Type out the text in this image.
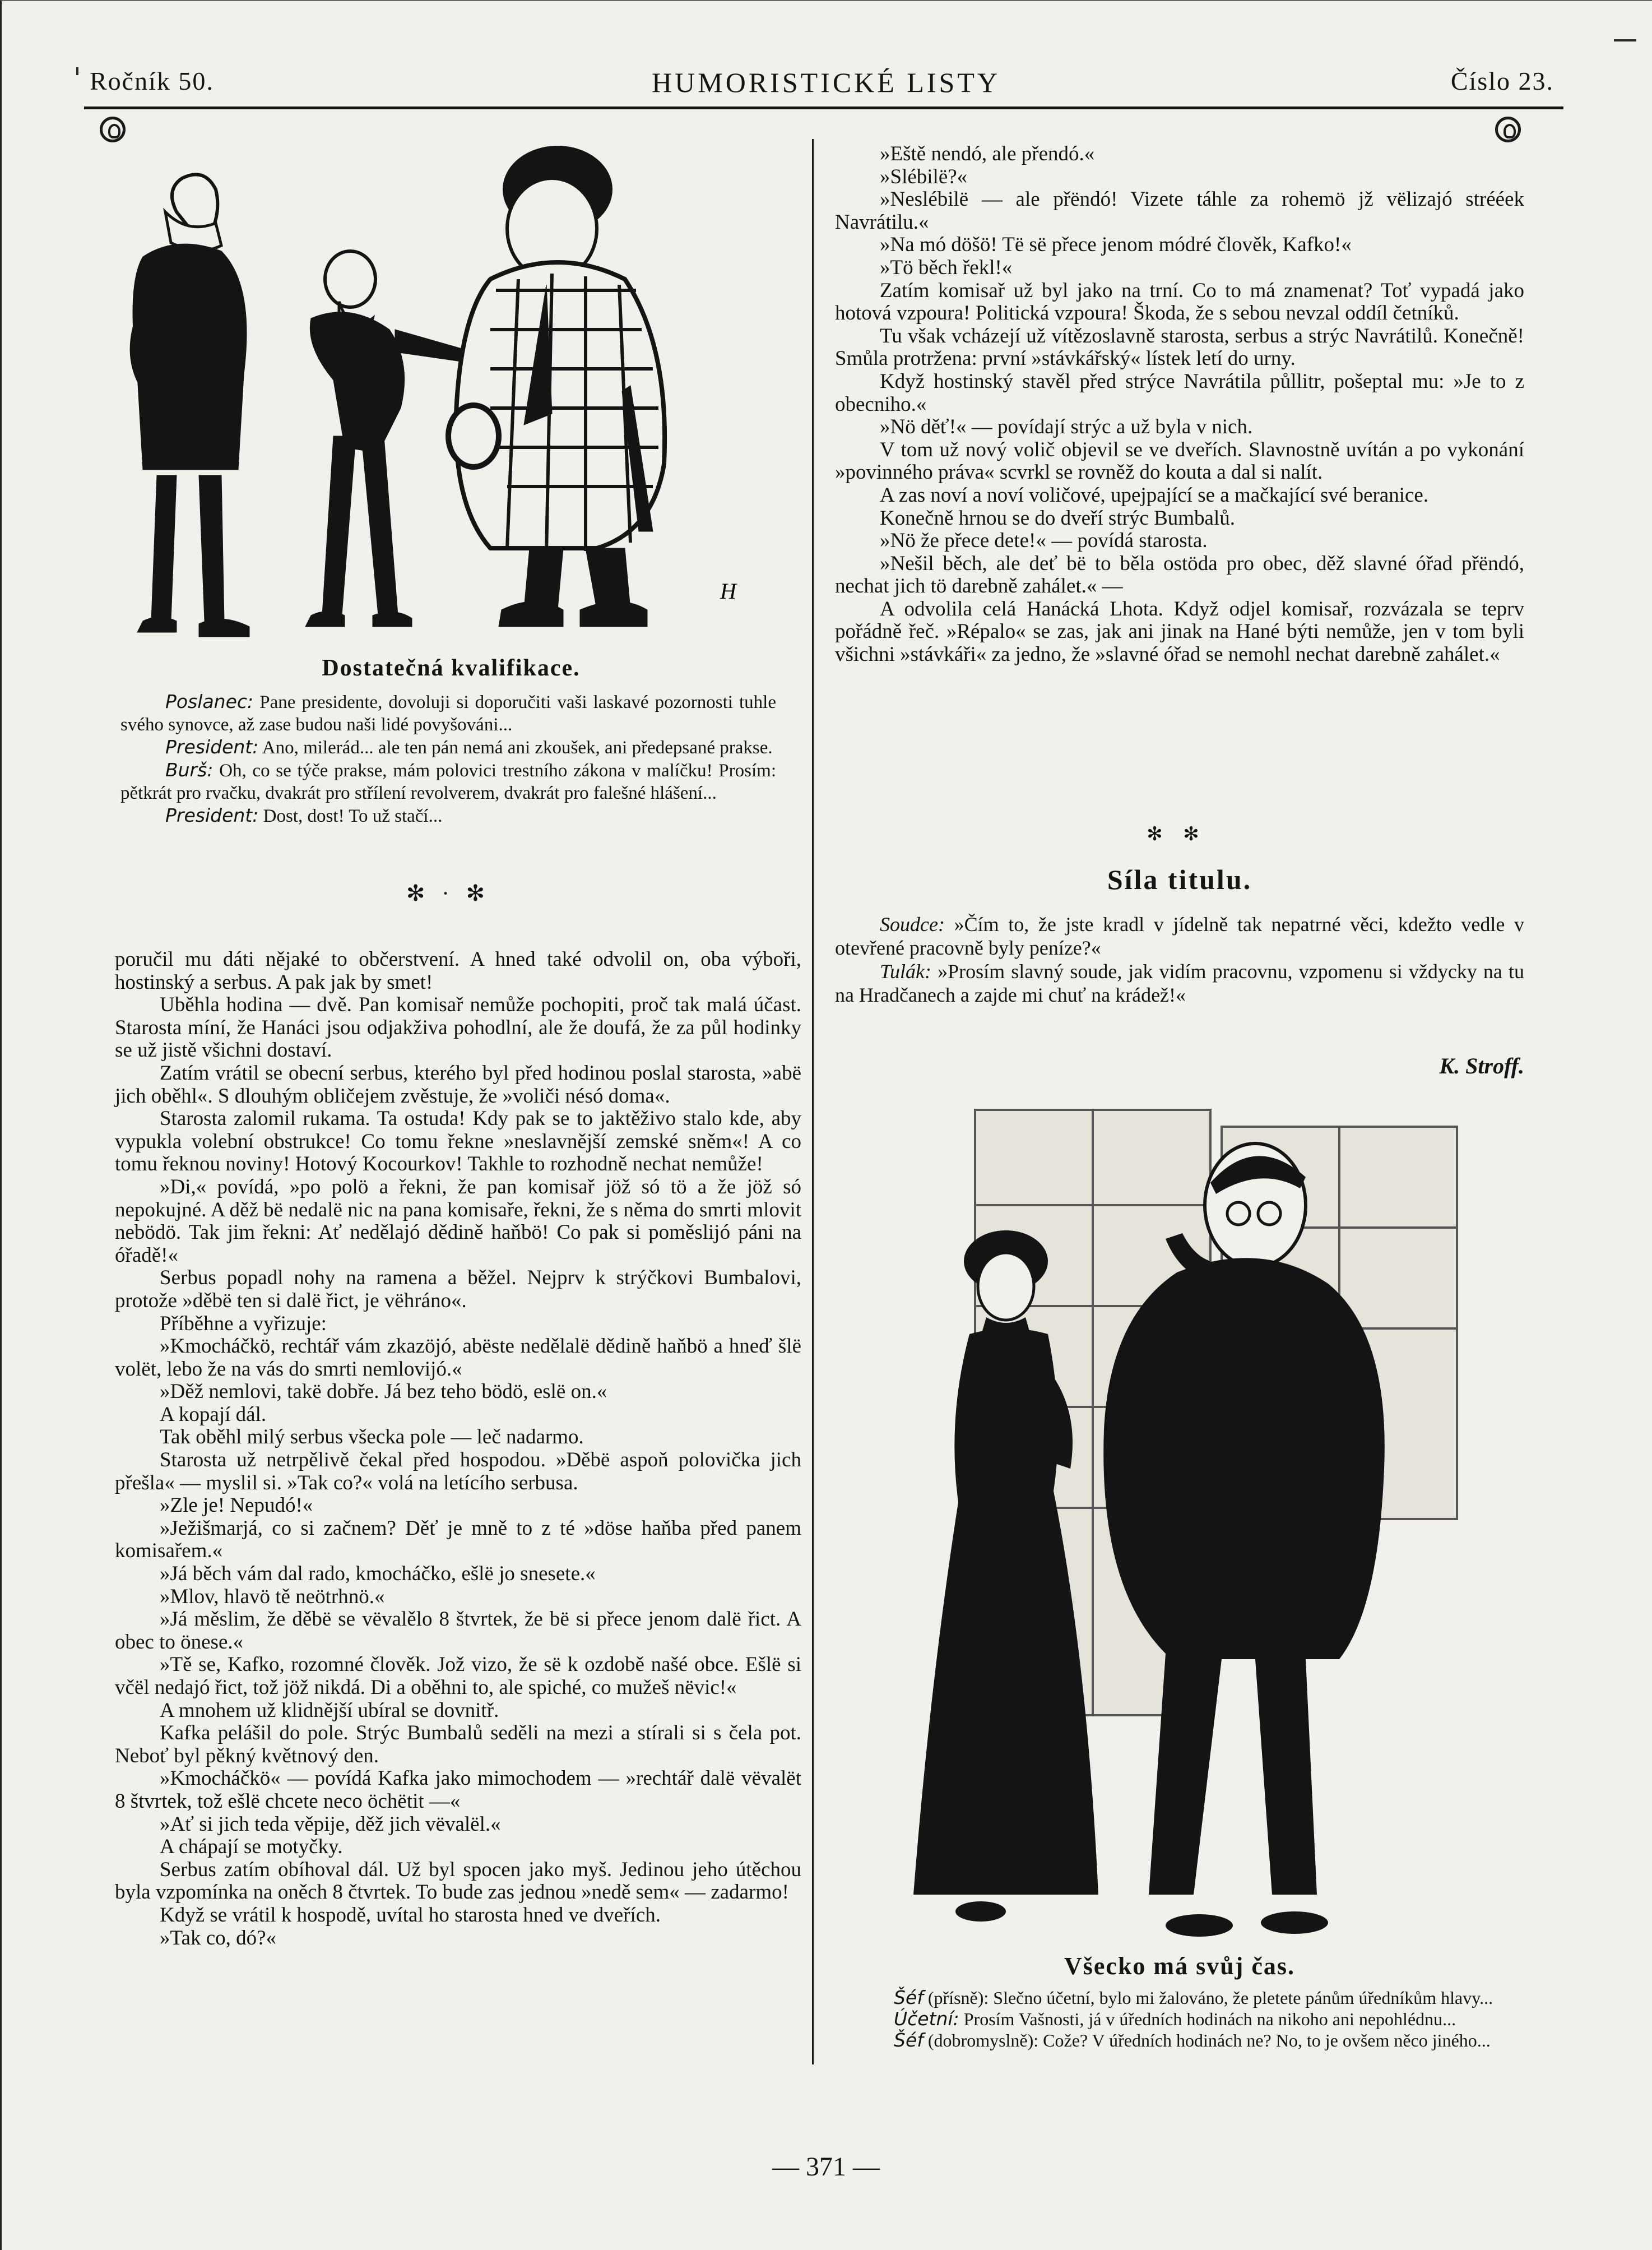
Ročník 50.	HUMORISTICKÉ LISTY	Číslo 23.
H
Dostatečná kvalifikace.

Poslanec: Pane presidente, dovoluji si doporučiti vaši laskavé pozornosti tuhle svého synovce, až zase budou naši lidé povyšováni...

President: Ano, milerád... ale ten pán nemá ani zkoušek, ani předepsané prakse.

Burš: Oh, co se týče prakse, mám polovici trestního zákona v malíčku! Prosím: pětkrát pro rvačku, dvakrát pro střílení revolverem, dvakrát pro falešné hlášení...

President: Dost, dost! To už stačí...

✻ · ✻

poručil mu dáti nějaké to občerstvení. A hned také odvolil on, oba výboři, hostinský a serbus. A pak jak by smet!

Uběhla hodina — dvě. Pan komisař nemůže pochopiti, proč tak malá účast. Starosta míní, že Hanáci jsou odjakživa pohodlní, ale že doufá, že za půl hodinky se už jistě všichni dostaví.

Zatím vrátil se obecní serbus, kterého byl před hodinou poslal starosta, »abë jich oběhl«. S dlouhým obličejem zvěstuje, že »voliči nésó doma«.

Starosta zalomil rukama. Ta ostuda! Kdy pak se to jaktěživo stalo kde, aby vypukla volební obstrukce! Co tomu řekne »neslavnější zemské sněm«! A co tomu řeknou noviny! Hotový Kocourkov! Takhle to rozhodně nechat nemůže!

»Di,« povídá, »po polö a řekni, že pan komisař jöž só tö a že jöž só nepokujné. A děž bë nedalë nic na pana komisaře, řekni, že s něma do smrti mlovit nebödö. Tak jim řekni: Ať nedělajó dědině haňbö! Co pak si poměslijó páni na óřadě!«

Serbus popadl nohy na ramena a běžel. Nejprv k strýčkovi Bumbalovi, protože »děbë ten si dalë řict, je vëhráno«.

Příběhne a vyřizuje:

»Kmocháčkö, rechtář vám zkazöjó, abëste nedělalë dědině haňbö a hneď šlë volët, lebo že na vás do smrti nemlovijó.«

»Děž nemlovi, takë dobře. Já bez teho bödö, eslë on.«

A kopají dál.

Tak oběhl milý serbus všecka pole — leč nadarmo.

Starosta už netrpělivě čekal před hospodou. »Děbë aspoň polovička jich přešla« — myslil si. »Tak co?« volá na letícího serbusa.

»Zle je! Nepudó!«

»Ježišmarjá, co si začnem? Děť je mně to z té »döse haňba před panem komisařem.«

»Já běch vám dal rado, kmocháčko, ešlë jo snesete.«

»Mlov, hlavö tě neötrhnö.«

»Já měslim, že děbë se vëvalělo 8 štvrtek, že bë si přece jenom dalë řict. A obec to önese.«

»Tě se, Kafko, rozomné člověk. Jož vizo, že së k ozdobě našé obce. Ešlë si včël nedajó řict, tož jöž nikdá. Di a oběhni to, ale spiché, co mužeš nëvic!«

A mnohem už klidnější ubíral se dovnitř.

Kafka pelášil do pole. Strýc Bumbalů seděli na mezi a stírali si s čela pot. Neboť byl pěkný květnový den.

»Kmocháčkö« — povídá Kafka jako mimochodem — »rechtář dalë vëvalët 8 štvrtek, tož ešlë chcete neco öchëtit —«

»Ať si jich teda věpije, děž jich vëvalël.«

A chápají se motyčky.

Serbus zatím obíhoval dál. Už byl spocen jako myš. Jedinou jeho útěchou byla vzpomínka na oněch 8 čtvrtek. To bude zas jednou »nedě sem« — zadarmo!

Když se vrátil k hospodě, uvítal ho starosta hned ve dveřích.

»Tak co, dó?«

»Eště nendó, ale přendó.«

»Slébilë?«

»Neslébilë — ale přëndó! Vizete táhle za rohemö jž vëlizajó strééek Navrátilu.«

»Na mó döšö! Të së přece jenom módré člověk, Kafko!«

»Tö běch řekl!«

Zatím komisař už byl jako na trní. Co to má znamenat? Toť vypadá jako hotová vzpoura! Politická vzpoura! Škoda, že s sebou nevzal oddíl četníků.

Tu však vcházejí už vítězoslavně starosta, serbus a strýc Navrátilů. Konečně! Smůla protržena: první »stávkářský« lístek letí do urny.

Když hostinský stavěl před strýce Navrátila půllitr, pošeptal mu: »Je to z obecniho.«

»Nö děť!« — povídají strýc a už byla v nich.

V tom už nový volič objevil se ve dveřích. Slavnostně uvítán a po vykonání »povinného práva« scvrkl se rovněž do kouta a dal si nalít.

A zas noví a noví voličové, upejpající se a mačkající své beranice.

Konečně hrnou se do dveří strýc Bumbalů.

»Nö že přece dete!« — povídá starosta.

»Nešil běch, ale deť bë to běla ostöda pro obec, děž slavné óřad přëndó, nechat jich tö darebně zahálet.« —

A odvolila celá Hanácká Lhota. Když odjel komisař, rozvázala se teprv pořádně řeč. »Répalo« se zas, jak ani jinak na Hané býti nemůže, jen v tom byli všichni »stávkáři« za jedno, že »slavné óřad se nemohl nechat darebně zahálet.«

✻ ✻
Síla titulu.

Soudce: »Čím to, že jste kradl v jídelně tak nepatrné věci, kdežto vedle v otevřené pracovně byly peníze?«

Tulák: »Prosím slavný soude, jak vidím pracovnu, vzpomenu si vždycky na tu na Hradčanech a zajde mi chuť na krádež!«

K. Stroff.
Všecko má svůj čas.

Šéf (přísně): Slečno účetní, bylo mi žalováno, že pletete pánům úředníkům hlavy...

Účetní: Prosím Vašnosti, já v úředních hodinách na nikoho ani nepohlédnu...

Šéf (dobromyslně): Cože? V úředních hodinách ne? No, to je ovšem něco jiného...

— 371 —
